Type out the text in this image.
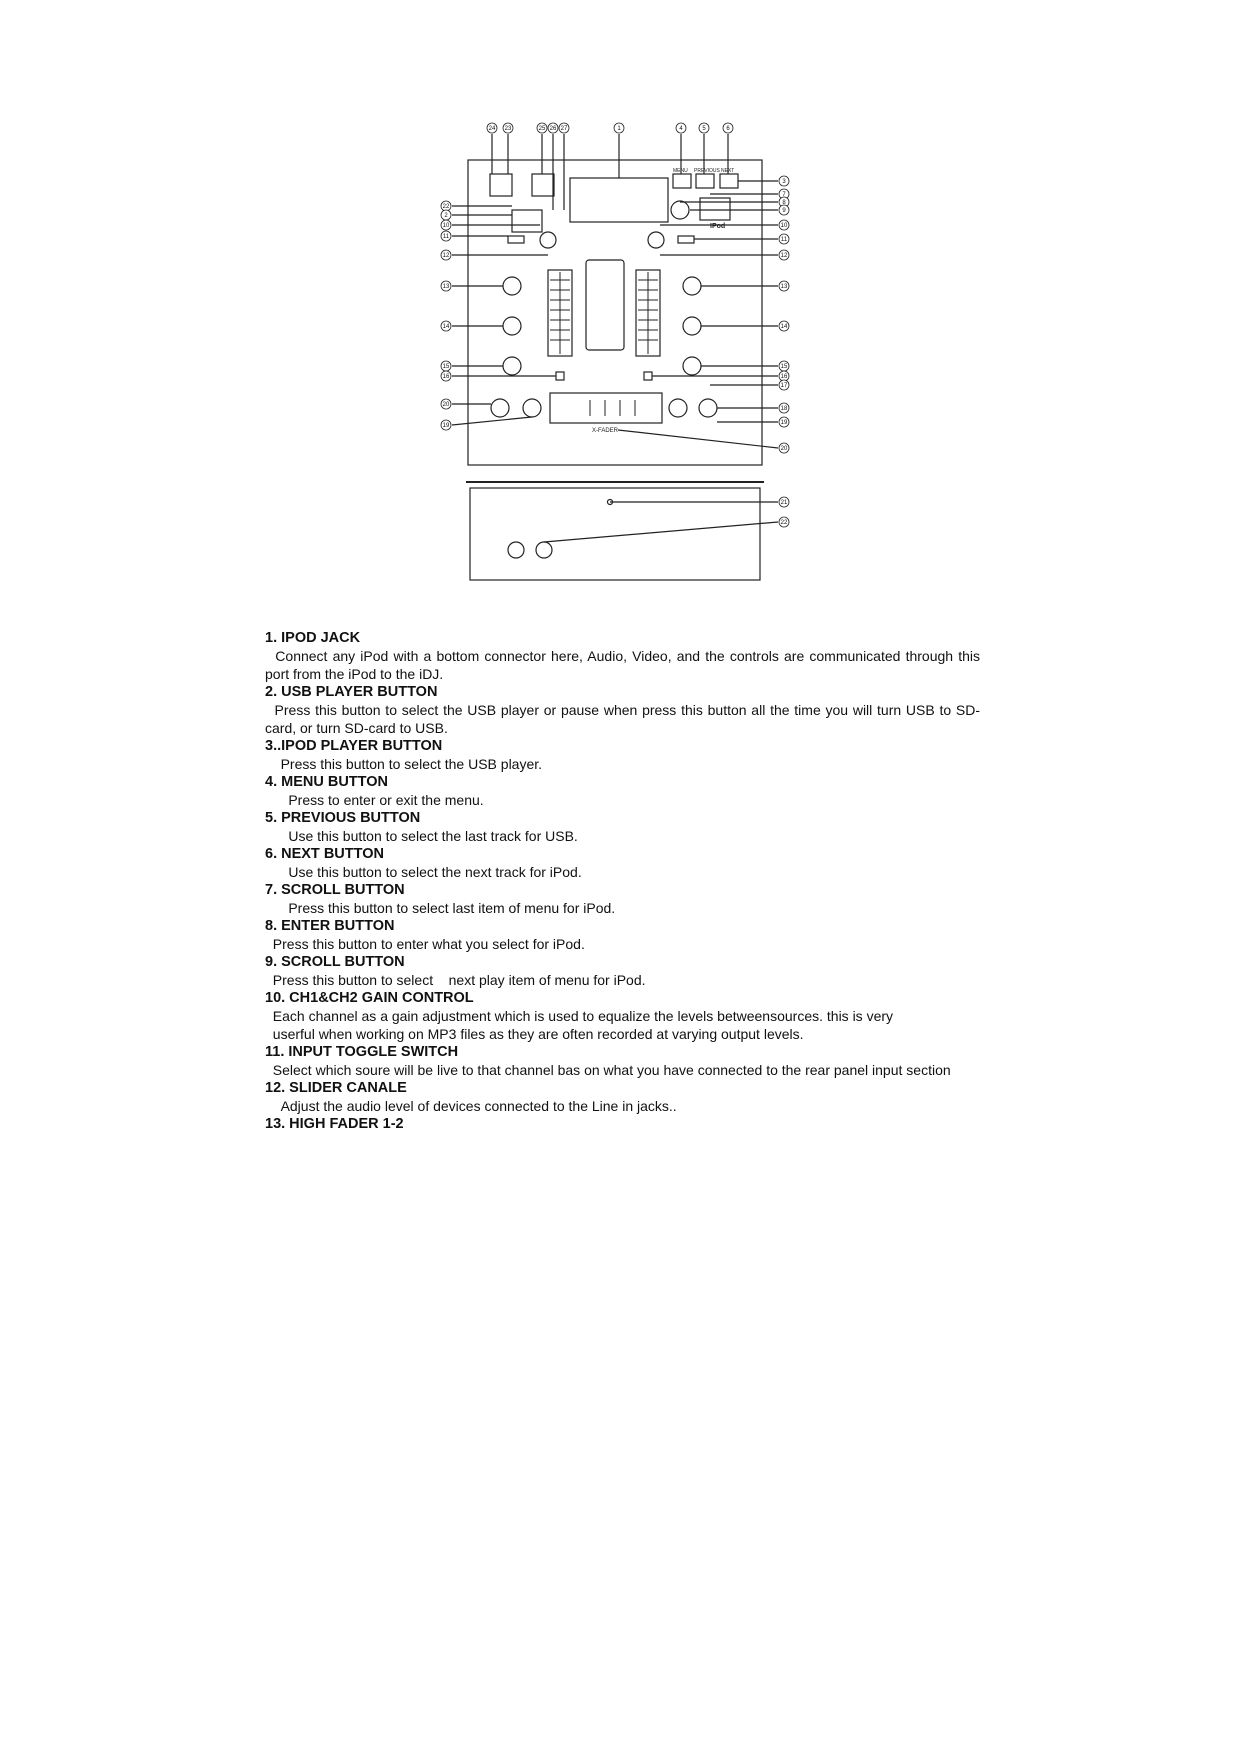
24 23	25 26 27	1	4	5	6
3
7
8
9
10
11
12
13
14
15
16
17
18
19
20
21
22
22
2
10
11
12
13
14
15
16
20
19
MENU PREVIOUS NEXT
IPod
X-FADER

1. IPOD JACK

Connect any iPod with a bottom connector here, Audio, Video, and the controls are communicated through this port from the iPod to the iDJ.

2. USB PLAYER BUTTON

Press this button to select the USB player or pause when press this button all the time you will turn USB to SD-card, or turn SD-card to USB.

3..IPOD PLAYER BUTTON

Press this button to select the USB player.

4. MENU BUTTON

Press to enter or exit the menu.

5. PREVIOUS BUTTON

Use this button to select the last track for USB.

6. NEXT BUTTON

Use this button to select the next track for iPod.

7. SCROLL BUTTON

Press this button to select last item of menu for iPod.

8. ENTER BUTTON

Press this button to enter what you select for iPod.

9. SCROLL BUTTON

Press this button to select    next play item of menu for iPod.

10. CH1&CH2 GAIN CONTROL

Each channel as a gain adjustment which is used to equalize the levels betweensources. this is very
userful when working on MP3 files as they are often recorded at varying output levels.

11. INPUT TOGGLE SWITCH

Select which soure will be live to that channel bas on what you have connected to the rear panel input section

12. SLIDER CANALE

Adjust the audio level of devices connected to the Line in jacks..

13. HIGH FADER 1-2
